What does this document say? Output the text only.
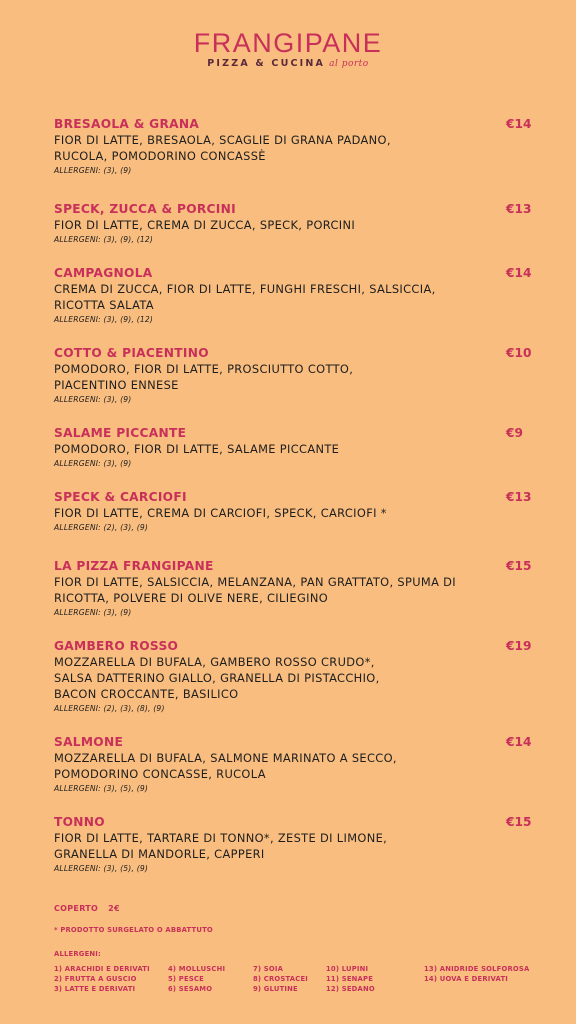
FRANGIPANE
PIZZA & CUCINA al porto
BRESAOLA & GRANA	€14
FIOR DI LATTE, BRESAOLA, SCAGLIE DI GRANA PADANO,
RUCOLA, POMODORINO CONCASSÈ
ALLERGENI: (3), (9)
SPECK, ZUCCA & PORCINI	€13
FIOR DI LATTE, CREMA DI ZUCCA, SPECK, PORCINI
ALLERGENI: (3), (9), (12)
CAMPAGNOLA	€14
CREMA DI ZUCCA, FIOR DI LATTE, FUNGHI FRESCHI, SALSICCIA,
RICOTTA SALATA
ALLERGENI: (3), (9), (12)
COTTO & PIACENTINO	€10
POMODORO, FIOR DI LATTE, PROSCIUTTO COTTO,
PIACENTINO ENNESE
ALLERGENI: (3), (9)
SALAME PICCANTE	€9
POMODORO, FIOR DI LATTE, SALAME PICCANTE
ALLERGENI: (3), (9)
SPECK & CARCIOFI	€13
FIOR DI LATTE, CREMA DI CARCIOFI, SPECK, CARCIOFI *
ALLERGENI: (2), (3), (9)
LA PIZZA FRANGIPANE	€15
FIOR DI LATTE, SALSICCIA, MELANZANA, PAN GRATTATO, SPUMA DI
RICOTTA, POLVERE DI OLIVE NERE, CILIEGINO
ALLERGENI: (3), (9)
GAMBERO ROSSO	€19
MOZZARELLA DI BUFALA, GAMBERO ROSSO CRUDO*,
SALSA DATTERINO GIALLO, GRANELLA DI PISTACCHIO,
BACON CROCCANTE, BASILICO
ALLERGENI: (2), (3), (8), (9)
SALMONE	€14
MOZZARELLA DI BUFALA, SALMONE MARINATO A SECCO,
POMODORINO CONCASSE, RUCOLA
ALLERGENI: (3), (5), (9)
TONNO	€15
FIOR DI LATTE, TARTARE DI TONNO*, ZESTE DI LIMONE,
GRANELLA DI MANDORLE, CAPPERI
ALLERGENI: (3), (5), (9)
COPERTO 2€
* PRODOTTO SURGELATO O ABBATTUTO
ALLERGENI:
1) ARACHIDI E DERIVATI
2) FRUTTA A GUSCIO
3) LATTE E DERIVATI
4) MOLLUSCHI
5) PESCE
6) SESAMO
7) SOIA
8) CROSTACEI
9) GLUTINE
10) LUPINI
11) SENAPE
12) SEDANO
13) ANIDRIDE SOLFOROSA
14) UOVA E DERIVATI
